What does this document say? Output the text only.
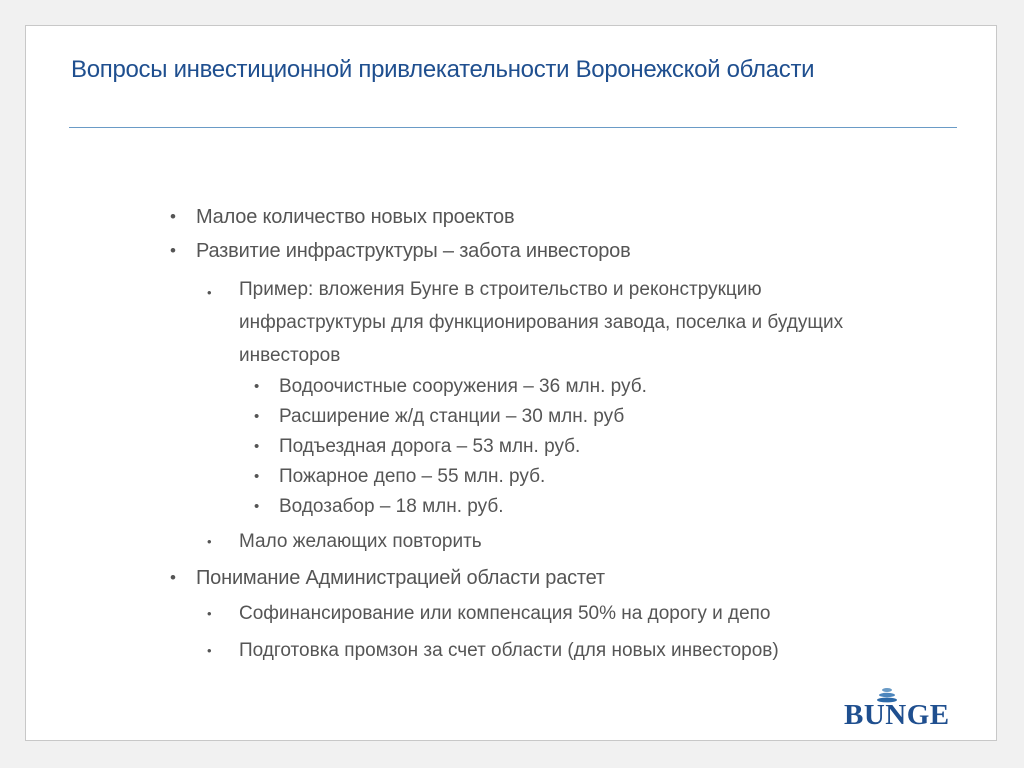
Вопросы инвестиционной привлекательности Воронежской области
• Малое количество новых проектов
• Развитие инфраструктуры – забота инвесторов
• Пример: вложения Бунге в строительство и реконструкцию инфраструктуры для функционирования завода, поселка и будущих инвесторов
• Водоочистные сооружения – 36 млн. руб.
• Расширение ж/д станции – 30 млн. руб
• Подъездная дорога – 53 млн. руб.
• Пожарное депо – 55 млн. руб.
• Водозабор – 18 млн. руб.
• Мало желающих повторить
• Понимание Администрацией области растет
• Софинансирование или компенсация 50% на дорогу и депо
• Подготовка промзон за счет области (для новых инвесторов)
BUNGE
